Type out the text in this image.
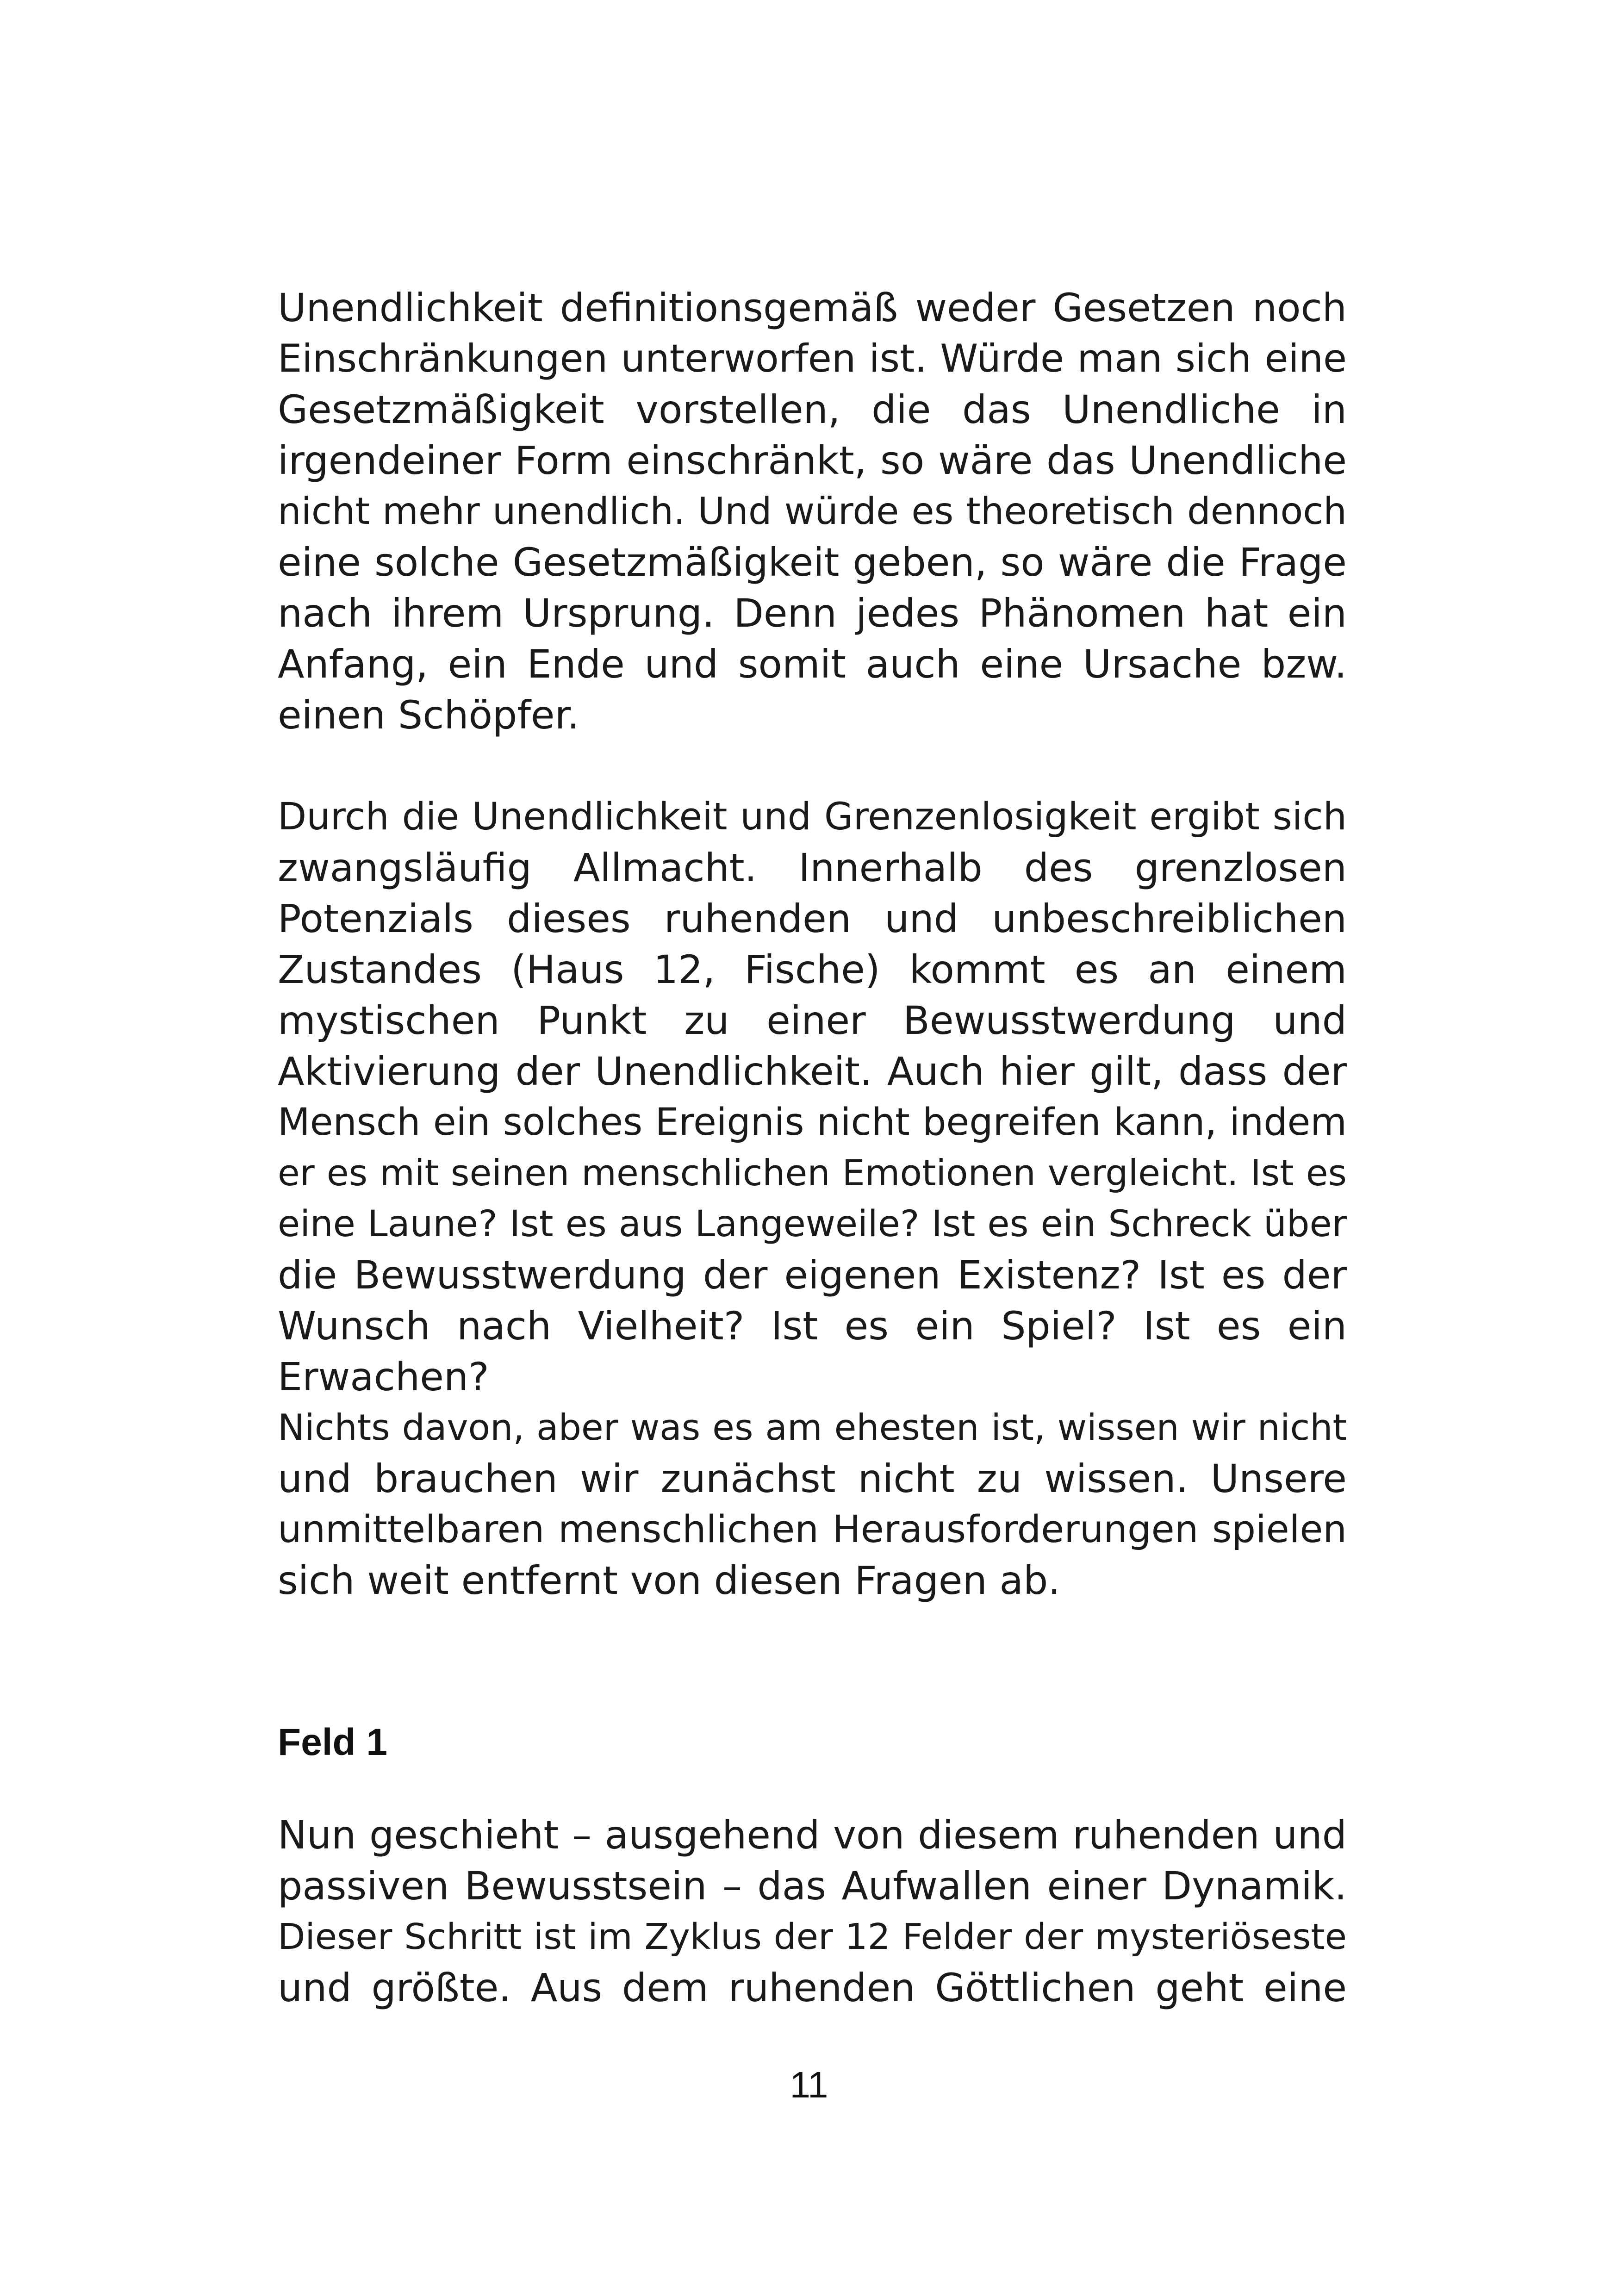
Unendlichkeit definitionsgemäß weder Gesetzen noch
Einschränkungen unterworfen ist. Würde man sich eine
Gesetzmäßigkeit vorstellen, die das Unendliche in
irgendeiner Form einschränkt, so wäre das Unendliche
nicht mehr unendlich. Und würde es theoretisch dennoch
eine solche Gesetzmäßigkeit geben, so wäre die Frage
nach ihrem Ursprung. Denn jedes Phänomen hat ein
Anfang, ein Ende und somit auch eine Ursache bzw.
einen Schöpfer.
Durch die Unendlichkeit und Grenzenlosigkeit ergibt sich
zwangsläufig Allmacht. Innerhalb des grenzlosen
Potenzials dieses ruhenden und unbeschreiblichen
Zustandes (Haus 12, Fische) kommt es an einem
mystischen Punkt zu einer Bewusstwerdung und
Aktivierung der Unendlichkeit. Auch hier gilt, dass der
Mensch ein solches Ereignis nicht begreifen kann, indem
er es mit seinen menschlichen Emotionen vergleicht. Ist es
eine Laune? Ist es aus Langeweile? Ist es ein Schreck über
die Bewusstwerdung der eigenen Existenz? Ist es der
Wunsch nach Vielheit? Ist es ein Spiel? Ist es ein
Erwachen?
Nichts davon, aber was es am ehesten ist, wissen wir nicht
und brauchen wir zunächst nicht zu wissen. Unsere
unmittelbaren menschlichen Herausforderungen spielen
sich weit entfernt von diesen Fragen ab.
Feld 1
Nun geschieht – ausgehend von diesem ruhenden und
passiven Bewusstsein – das Aufwallen einer Dynamik.
Dieser Schritt ist im Zyklus der 12 Felder der mysteriöseste
und größte. Aus dem ruhenden Göttlichen geht eine
11
